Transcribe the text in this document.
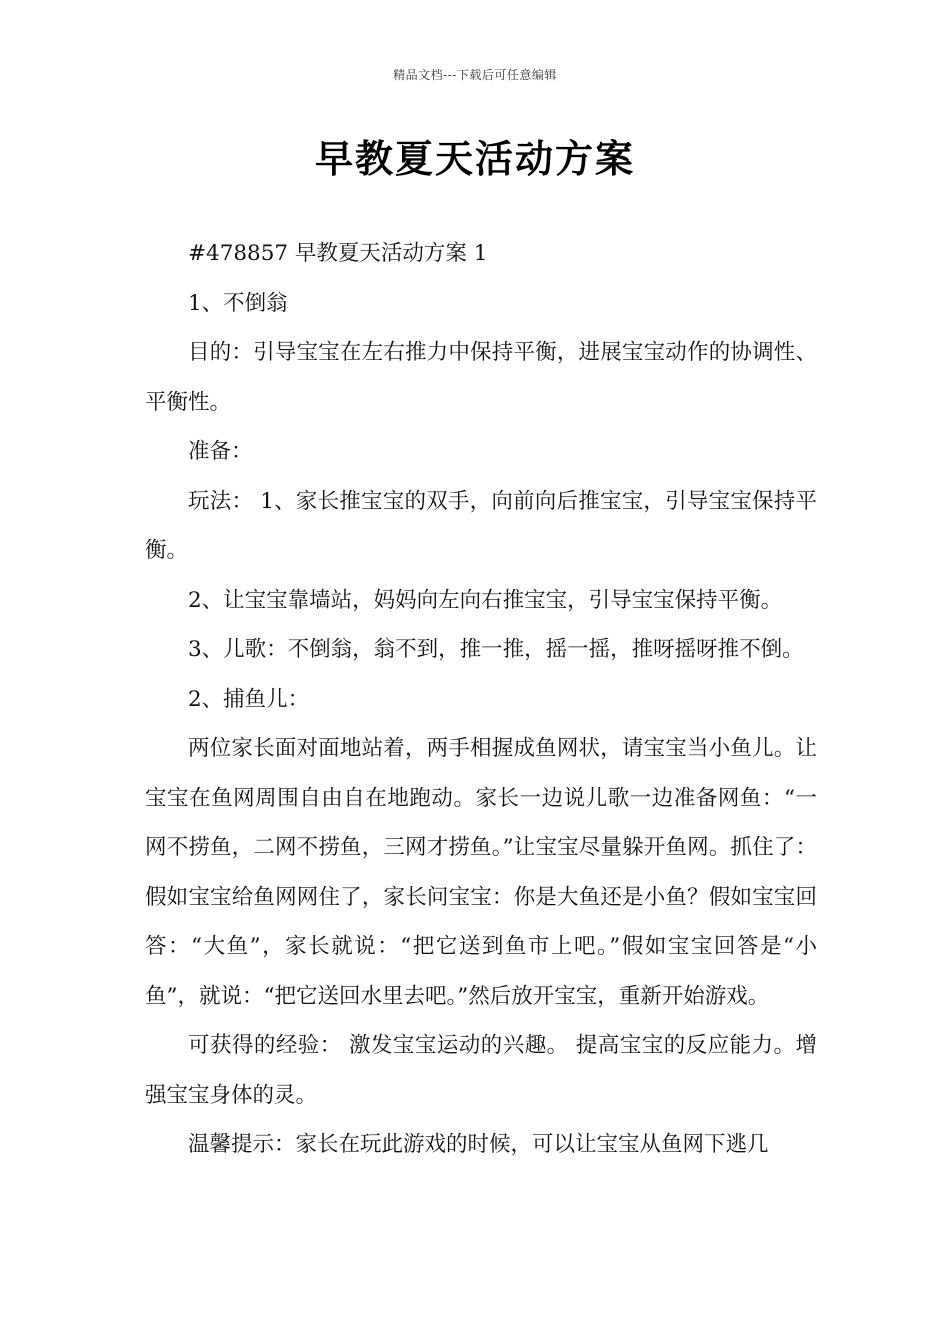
精品文档---下载后可任意编辑
早教夏天活动方案

#478857 早教夏天活动方案 1

1、不倒翁

目的：引导宝宝在左右推力中保持平衡，进展宝宝动作的协调性、平衡性。

准备：

玩法： 1、家长推宝宝的双手，向前向后推宝宝，引导宝宝保持平衡。

2、让宝宝靠墙站，妈妈向左向右推宝宝，引导宝宝保持平衡。

3、儿歌：不倒翁，翁不到，推一推，摇一摇，推呀摇呀推不倒。

2、捕鱼儿：

两位家长面对面地站着，两手相握成鱼网状，请宝宝当小鱼儿。让宝宝在鱼网周围自由自在地跑动。家长一边说儿歌一边准备网鱼：“一网不捞鱼，二网不捞鱼，三网才捞鱼。”让宝宝尽量躲开鱼网。抓住了：假如宝宝给鱼网网住了，家长问宝宝：你是大鱼还是小鱼？假如宝宝回答：“大鱼”，家长就说：“把它送到鱼市上吧。”假如宝宝回答是“小鱼”，就说：“把它送回水里去吧。”然后放开宝宝，重新开始游戏。

可获得的经验： 激发宝宝运动的兴趣。 提高宝宝的反应能力。增强宝宝身体的灵。

温馨提示：家长在玩此游戏的时候，可以让宝宝从鱼网下逃几
